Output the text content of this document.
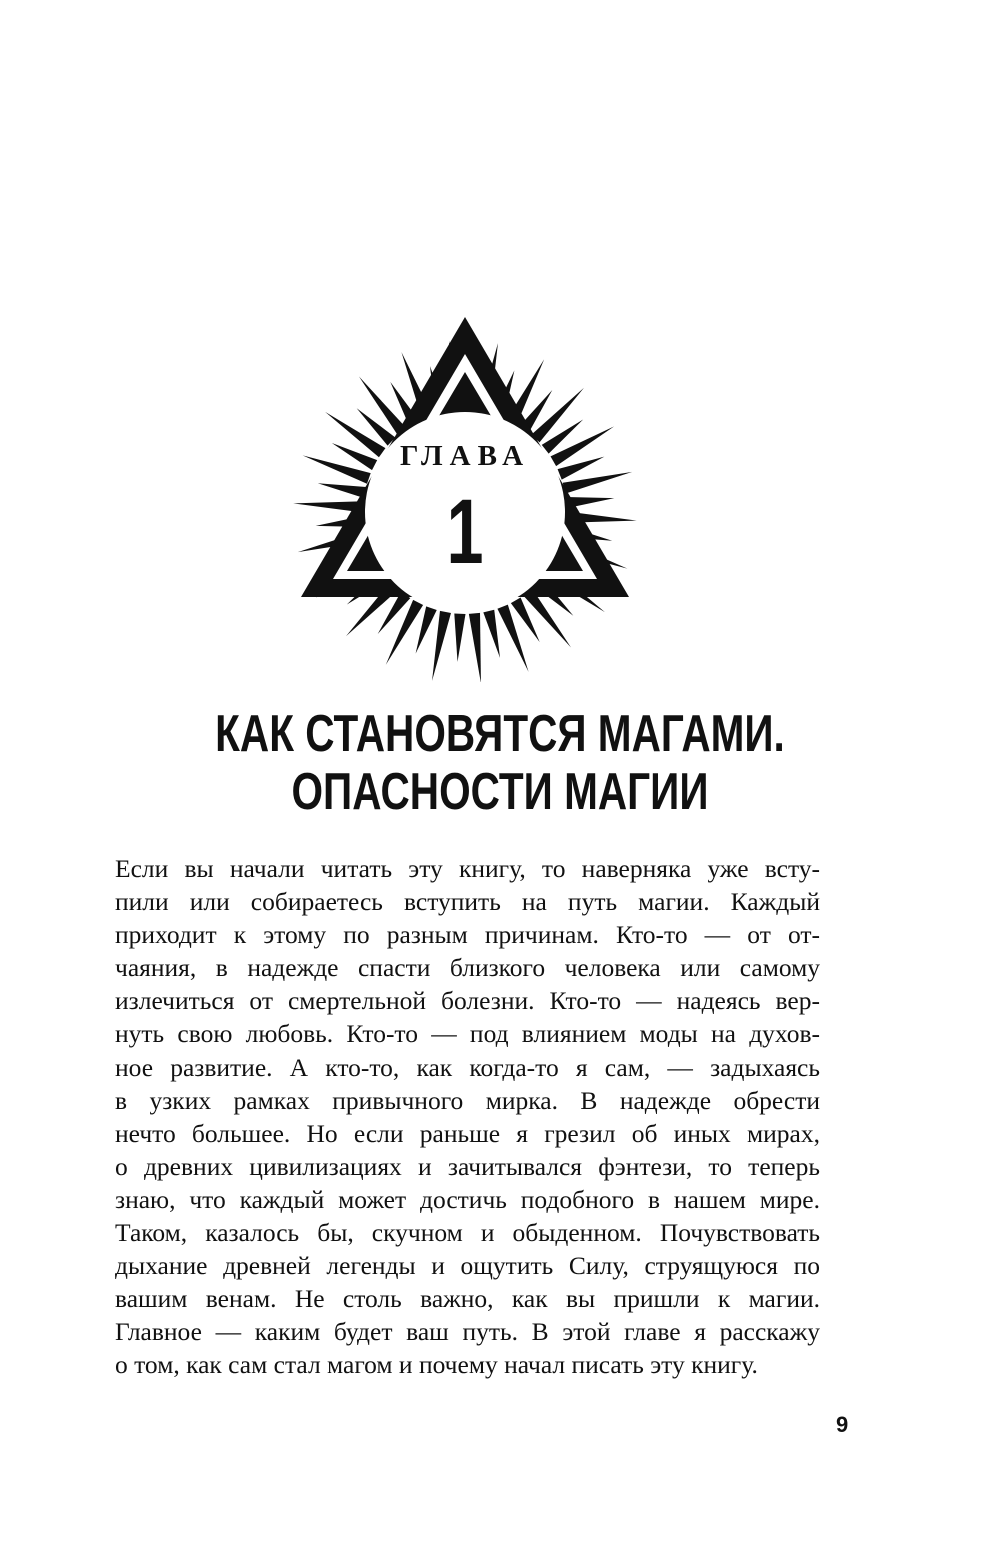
ГЛАВА
1
КАК СТАНОВЯТСЯ МАГАМИ.
ОПАСНОСТИ МАГИИ

Если вы начали читать эту книгу, то наверняка уже всту-
пили или собираетесь вступить на путь магии. Каждый
приходит к этому по разным причинам. Кто-то — от от-
чаяния, в надежде спасти близкого человека или самому
излечиться от смертельной болезни. Кто-то — надеясь вер-
нуть свою любовь. Кто-то — под влиянием моды на духов-
ное развитие. А кто-то, как когда-то я сам, — задыхаясь
в узких рамках привычного мирка. В надежде обрести
нечто большее. Но если раньше я грезил об иных мирах,
о древних цивилизациях и зачитывался фэнтези, то теперь
знаю, что каждый может достичь подобного в нашем мире.
Таком, казалось бы, скучном и обыденном. Почувствовать
дыхание древней легенды и ощутить Силу, струящуюся по
вашим венам. Не столь важно, как вы пришли к магии.
Главное — каким будет ваш путь. В этой главе я расскажу
о том, как сам стал магом и почему начал писать эту книгу.

9
